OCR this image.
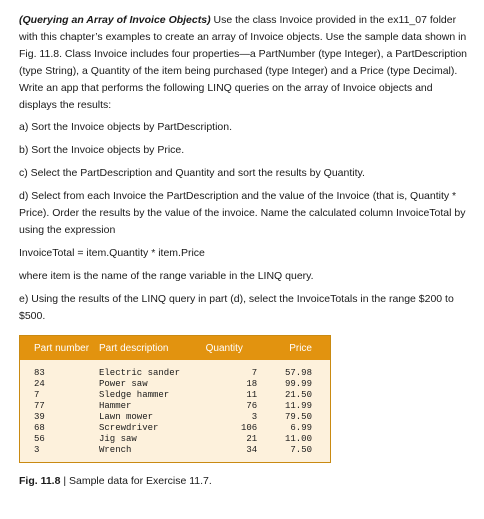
(Querying an Array of Invoice Objects) Use the class Invoice provided in the ex11_07 folder with this chapter’s examples to create an array of Invoice objects. Use the sample data shown in Fig. 11.8. Class Invoice includes four properties—a PartNumber (type Integer), a PartDescription (type String), a Quantity of the item being purchased (type Integer) and a Price (type Decimal). Write an app that performs the following LINQ queries on the array of Invoice objects and displays the results:

a) Sort the Invoice objects by PartDescription.

b) Sort the Invoice objects by Price.

c) Select the PartDescription and Quantity and sort the results by Quantity.

d) Select from each Invoice the PartDescription and the value of the Invoice (that is, Quantity * Price). Order the results by the value of the invoice. Name the calculated column InvoiceTotal by using the expression

InvoiceTotal = item.Quantity * item.Price

where item is the name of the range variable in the LINQ query.

e) Using the results of the LINQ query in part (d), select the InvoiceTotals in the range $200 to $500.

Part number	Part description	Quantity	Price
83	Electric sander	7	57.98
24	Power saw	18	99.99
7	Sledge hammer	11	21.50
77	Hammer	76	11.99
39	Lawn mower	3	79.50
68	Screwdriver	106	6.99
56	Jig saw	21	11.00
3	Wrench	34	7.50

Fig. 11.8 | Sample data for Exercise 11.7.
